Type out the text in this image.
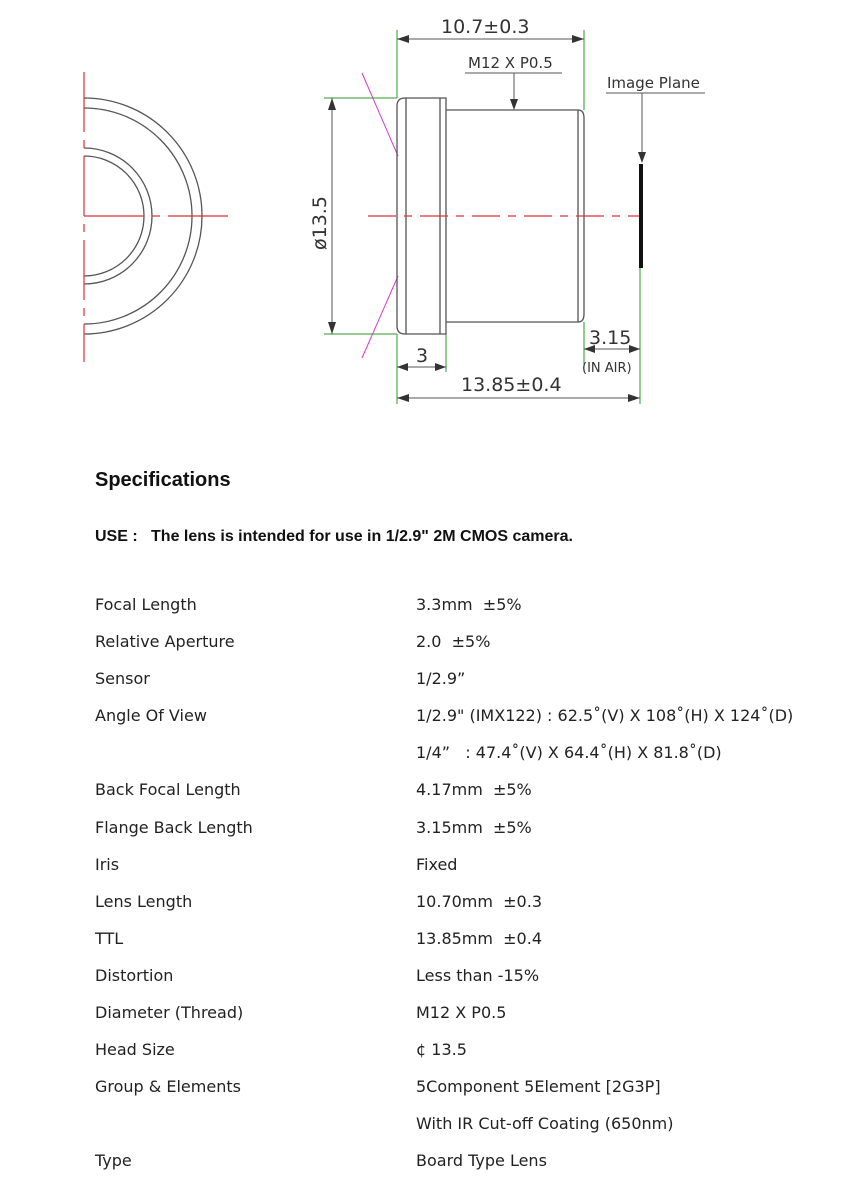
Image Plane
M12 X P0.5
10.7±0.3
ø13.5
3
3.15
(IN AIR)
13.85±0.4
Specifications
USE : The lens is intended for use in 1/2.9" 2M CMOS camera.
Focal Length	3.3mm  ±5%
Relative Aperture	2.0  ±5%
Sensor	1/2.9”
Angle Of View	1/2.9" (IMX122) : 62.5˚(V) X 108˚(H) X 124˚(D)
1/4”   : 47.4˚(V) X 64.4˚(H) X 81.8˚(D)
Back Focal Length	4.17mm  ±5%
Flange Back Length	3.15mm  ±5%
Iris	Fixed
Lens Length	10.70mm  ±0.3
TTL	13.85mm  ±0.4
Distortion	Less than -15%
Diameter (Thread)	M12 X P0.5
Head Size	¢ 13.5
Group & Elements	5Component 5Element [2G3P]
With IR Cut-off Coating (650nm)
Type	Board Type Lens
